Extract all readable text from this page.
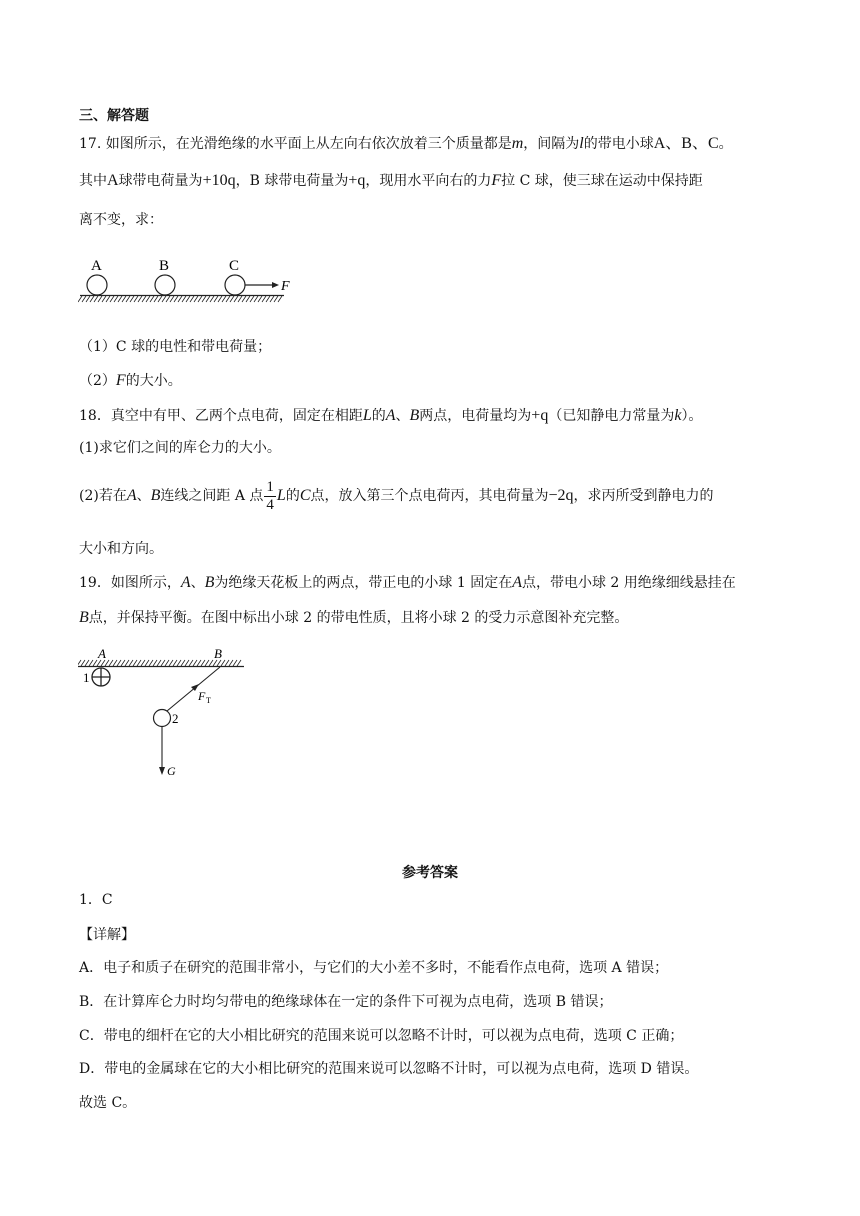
三、解答题
17. 如图所示，在光滑绝缘的水平面上从左向右依次放着三个质量都是m，间隔为l的带电小球A、B、C。
其中A球带电荷量为+10q，B 球带电荷量为+q，现用水平向右的力F拉 C 球，使三球在运动中保持距
离不变，求：
A	B	C
F
（1）C 球的电性和带电荷量；
（2）F的大小。
18．真空中有甲、乙两个点电荷，固定在相距L的A、B两点，电荷量均为+q（已知静电力常量为k）。
(1)求它们之间的库仑力的大小。
(2)若在A、B连线之间距 A 点 $\frac{1}{4}$ L的C点，放入第三个点电荷丙，其电荷量为−2q，求丙所受到静电力的
大小和方向。
19．如图所示，A、B为绝缘天花板上的两点，带正电的小球 1 固定在A点，带电小球 2 用绝缘细线悬挂在
B点，并保持平衡。在图中标出小球 2 的带电性质，且将小球 2 的受力示意图补充完整。
A	B
1
F T
2
G
参考答案
1．C
【详解】
A．电子和质子在研究的范围非常小，与它们的大小差不多时，不能看作点电荷，选项 A 错误；
B．在计算库仑力时均匀带电的绝缘球体在一定的条件下可视为点电荷，选项 B 错误；
C．带电的细杆在它的大小相比研究的范围来说可以忽略不计时，可以视为点电荷，选项 C 正确；
D．带电的金属球在它的大小相比研究的范围来说可以忽略不计时，可以视为点电荷，选项 D 错误。
故选 C。
